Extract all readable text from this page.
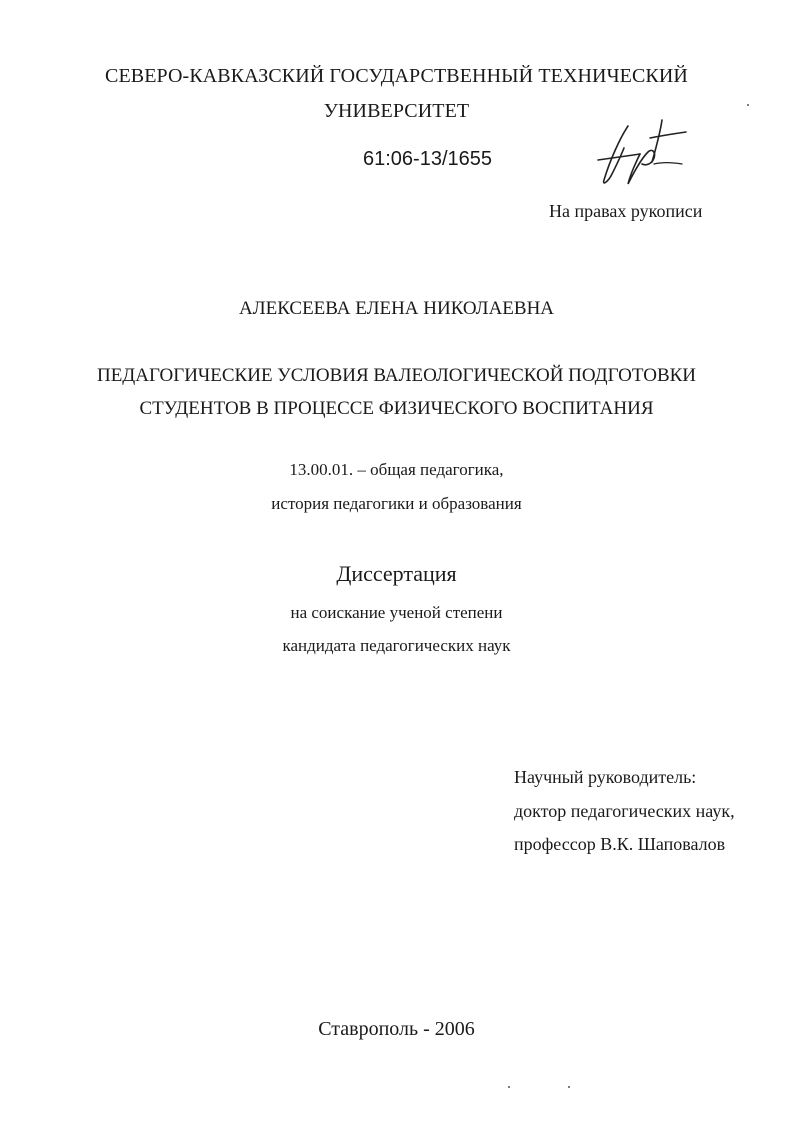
СЕВЕРО-КАВКАЗСКИЙ ГОСУДАРСТВЕННЫЙ ТЕХНИЧЕСКИЙ
УНИВЕРСИТЕТ
61:06-13/1655
На правах рукописи
АЛЕКСЕЕВА ЕЛЕНА НИКОЛАЕВНА
ПЕДАГОГИЧЕСКИЕ УСЛОВИЯ ВАЛЕОЛОГИЧЕСКОЙ ПОДГОТОВКИ
СТУДЕНТОВ В ПРОЦЕССЕ ФИЗИЧЕСКОГО ВОСПИТАНИЯ
13.00.01. – общая педагогика,
история педагогики и образования
Диссертация
на соискание ученой степени
кандидата педагогических наук
Научный руководитель:
доктор педагогических наук,
профессор В.К. Шаповалов
Ставрополь - 2006
